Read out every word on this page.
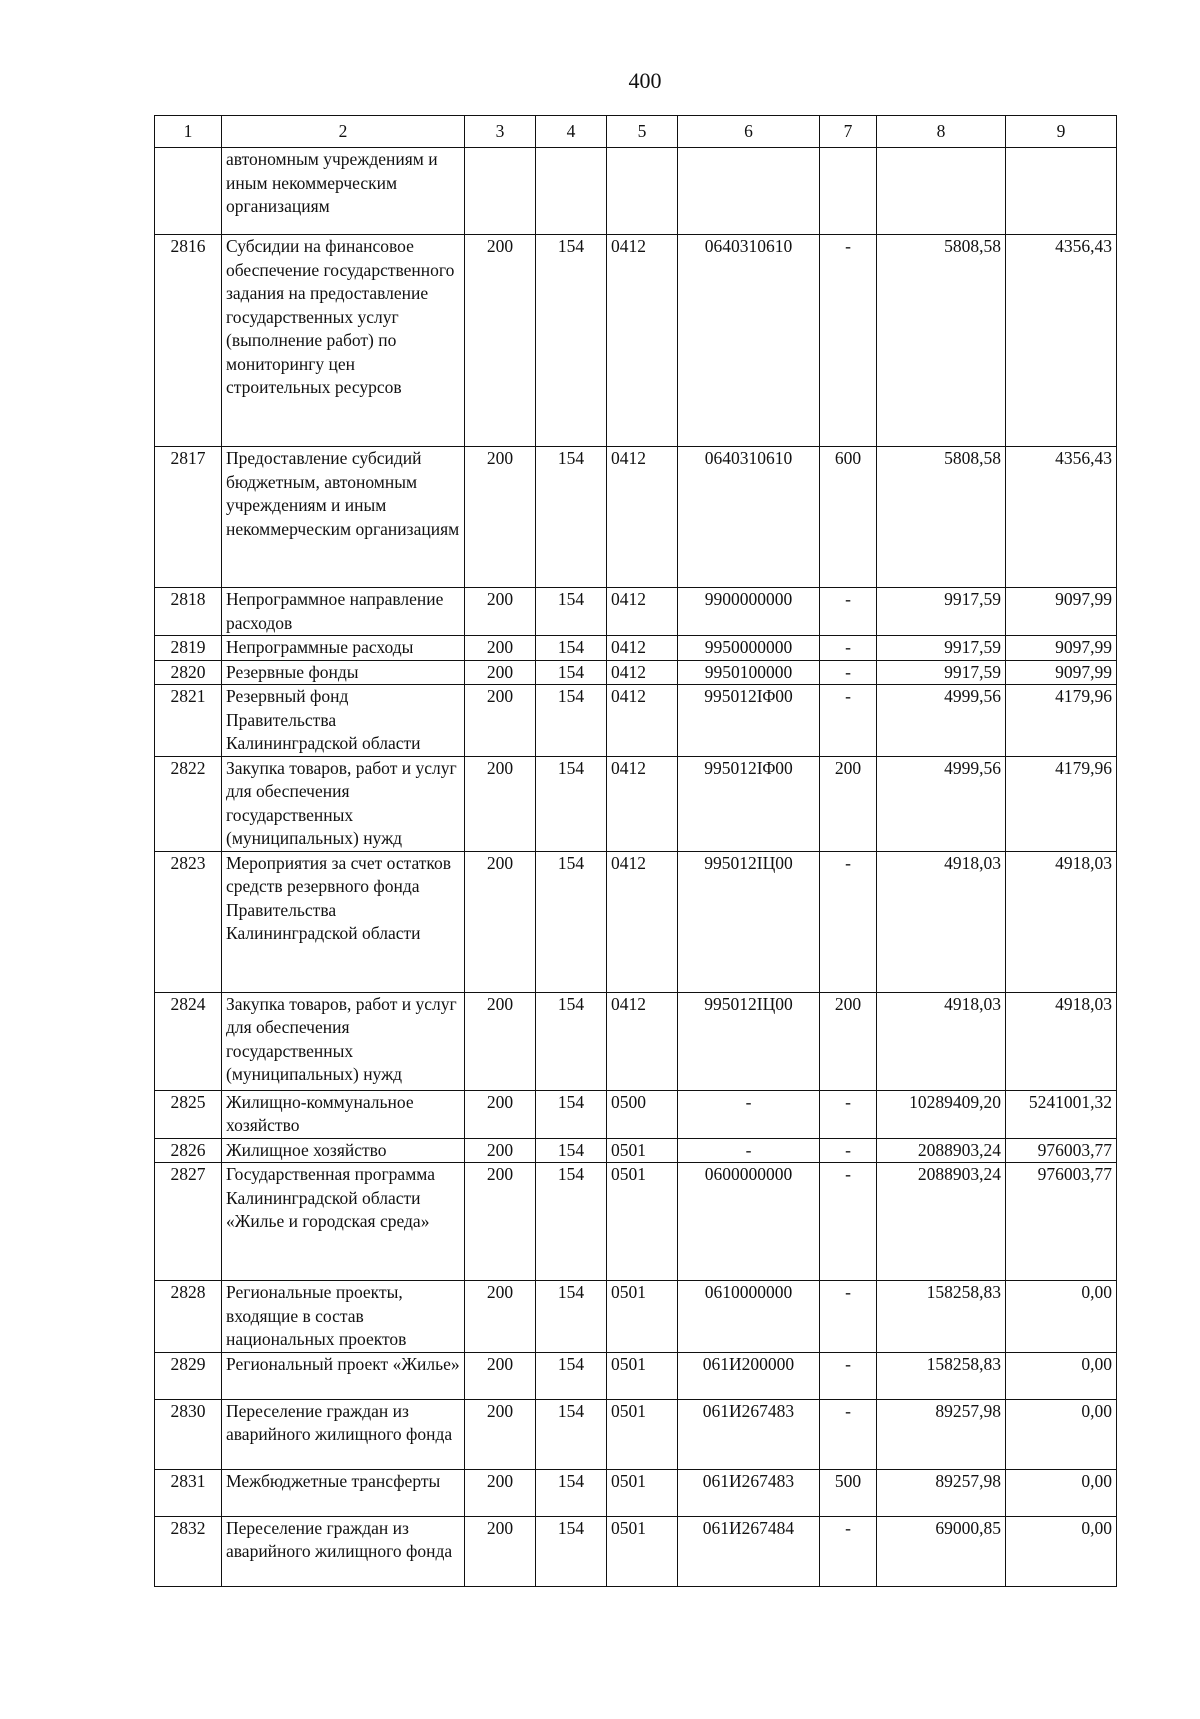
400
1	2	3	4	5	6	7	8	9
	автономным учреждениям и иным некоммерческим организациям							
2816	Субсидии на финансовое обеспечение государственного задания на предоставление государственных услуг (выполнение работ) по мониторингу цен строительных ресурсов	200	154	0412	0640310610	-	5808,58	4356,43
2817	Предоставление субсидий бюджетным, автономным учреждениям и иным некоммерческим организациям	200	154	0412	0640310610	600	5808,58	4356,43
2818	Непрограммное направление расходов	200	154	0412	9900000000	-	9917,59	9097,99
2819	Непрограммные расходы	200	154	0412	9950000000	-	9917,59	9097,99
2820	Резервные фонды	200	154	0412	9950100000	-	9917,59	9097,99
2821	Резервный фонд Правительства Калининградской области	200	154	0412	995012ΙΦ00	-	4999,56	4179,96
2822	Закупка товаров, работ и услуг для обеспечения государственных (муниципальных) нужд	200	154	0412	995012ΙΦ00	200	4999,56	4179,96
2823	Мероприятия за счет остатков средств резервного фонда Правительства Калининградской области	200	154	0412	995012ΙЦ00	-	4918,03	4918,03
2824	Закупка товаров, работ и услуг для обеспечения государственных (муниципальных) нужд	200	154	0412	995012ΙЦ00	200	4918,03	4918,03
2825	Жилищно-коммунальное хозяйство	200	154	0500	-	-	10289409,20	5241001,32
2826	Жилищное хозяйство	200	154	0501	-	-	2088903,24	976003,77
2827	Государственная программа Калининградской области «Жилье и городская среда»	200	154	0501	0600000000	-	2088903,24	976003,77
2828	Региональные проекты, входящие в состав национальных проектов	200	154	0501	0610000000	-	158258,83	0,00
2829	Региональный проект «Жилье»	200	154	0501	061И200000	-	158258,83	0,00
2830	Переселение граждан из аварийного жилищного фонда	200	154	0501	061И267483	-	89257,98	0,00
2831	Межбюджетные трансферты	200	154	0501	061И267483	500	89257,98	0,00
2832	Переселение граждан из аварийного жилищного фонда	200	154	0501	061И267484	-	69000,85	0,00
